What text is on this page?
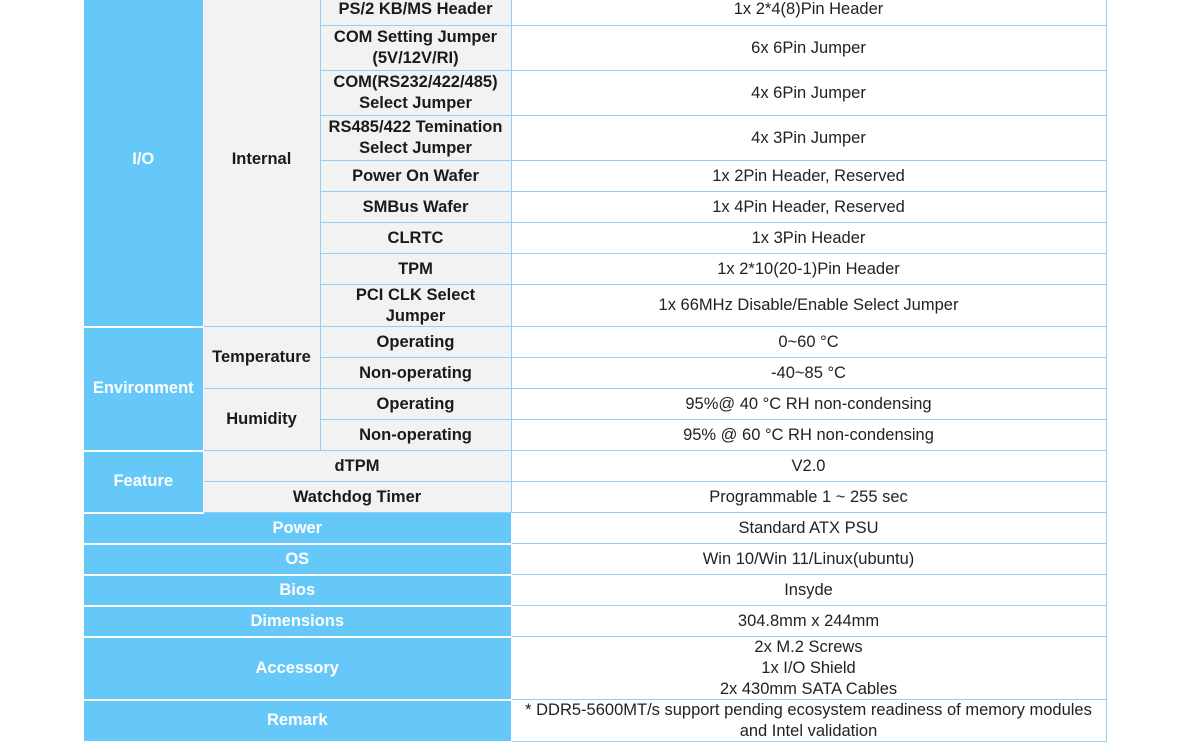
I/O	Internal	PS/2 KB/MS Header	1x 2*4(8)Pin Header
		COM Setting Jumper (5V/12V/RI)	6x 6Pin Jumper
		COM(RS232/422/485) Select Jumper	4x 6Pin Jumper
		RS485/422 Temination Select Jumper	4x 3Pin Jumper
		Power On Wafer	1x 2Pin Header, Reserved
		SMBus Wafer	1x 4Pin Header, Reserved
		CLRTC	1x 3Pin Header
		TPM	1x 2*10(20-1)Pin Header
		PCI CLK Select Jumper	1x 66MHz Disable/Enable Select Jumper
Environment	Temperature	Operating	0~60 °C
		Non-operating	-40~85 °C
	Humidity	Operating	95%@ 40 °C RH non-condensing
		Non-operating	95% @ 60 °C RH non-condensing
Feature	dTPM		V2.0
	Watchdog Timer		Programmable 1 ~ 255 sec
Power			Standard ATX PSU
OS			Win 10/Win 11/Linux(ubuntu)
Bios			Insyde
Dimensions			304.8mm x 244mm
Accessory			2x M.2 Screws
1x I/O Shield
2x 430mm SATA Cables

Remark			* DDR5-5600MT/s support pending ecosystem readiness of memory modules
and Intel validation
